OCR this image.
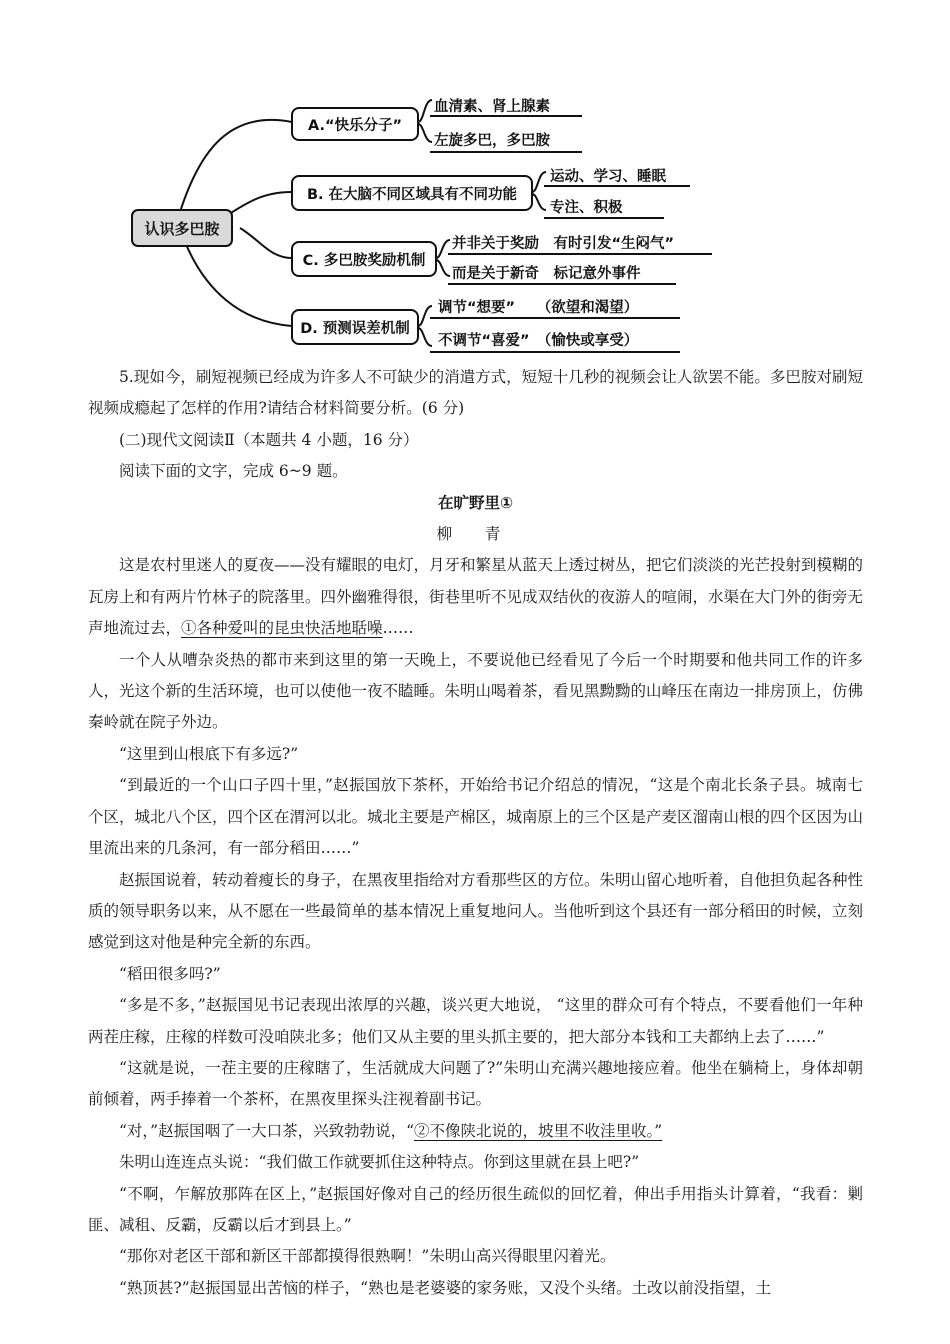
认识多巴胺
A.“快乐分子”
B. 在大脑不同区域具有不同功能
C. 多巴胺奖励机制
D. 预测误差机制
血清素、肾上腺素
左旋多巴，多巴胺
运动、学习、睡眠
专注、积极
并非关于奖励　有时引发“生闷气”
而是关于新奇　标记意外事件
调节“想要”　　（欲望和渴望）
不调节“喜爱”　（愉快或享受）

5.现如今，刷短视频已经成为许多人不可缺少的消遣方式，短短十几秒的视频会让人欲罢不能。多巴胺对刷短视频成瘾起了怎样的作用?请结合材料简要分析。(6 分)

(二)现代文阅读Ⅱ（本题共 4 小题，16 分）

阅读下面的文字，完成 6~9 题。

在旷野里①

柳 青

这是农村里迷人的夏夜——没有耀眼的电灯，月牙和繁星从蓝天上透过树丛，把它们淡淡的光芒投射到模糊的瓦房上和有两片竹林子的院落里。四外幽雅得很，街巷里听不见成双结伙的夜游人的喧闹，水渠在大门外的街旁无声地流过去，①各种爱叫的昆虫快活地聒噪……

一个人从嘈杂炎热的都市来到这里的第一天晚上，不要说他已经看见了今后一个时期要和他共同工作的许多人，光这个新的生活环境，也可以使他一夜不瞌睡。朱明山喝着茶，看见黑黝黝的山峰压在南边一排房顶上，仿佛秦岭就在院子外边。

“这里到山根底下有多远?”

“到最近的一个山口子四十里，”赵振国放下茶杯，开始给书记介绍总的情况，“这是个南北长条子县。城南七个区，城北八个区，四个区在渭河以北。城北主要是产棉区，城南原上的三个区是产麦区溜南山根的四个区因为山里流出来的几条河，有一部分稻田……”

赵振国说着，转动着瘦长的身子，在黑夜里指给对方看那些区的方位。朱明山留心地听着，自他担负起各种性质的领导职务以来，从不愿在一些最简单的基本情况上重复地问人。当他听到这个县还有一部分稻田的时候，立刻感觉到这对他是种完全新的东西。

“稻田很多吗?”

“多是不多，”赵振国见书记表现出浓厚的兴趣，谈兴更大地说， “这里的群众可有个特点，不要看他们一年种两茬庄稼，庄稼的样数可没咱陕北多；他们又从主要的里头抓主要的，把大部分本钱和工夫都纳上去了……”

“这就是说，一茬主要的庄稼瞎了，生活就成大问题了?”朱明山充满兴趣地接应着。他坐在躺椅上，身体却朝前倾着，两手捧着一个茶杯，在黑夜里探头注视着副书记。

“对，”赵振国咽了一大口茶，兴致勃勃说，“②不像陕北说的，坡里不收洼里收。”

朱明山连连点头说：“我们做工作就要抓住这种特点。你到这里就在县上吧?”

“不啊，乍解放那阵在区上，”赵振国好像对自己的经历很生疏似的回忆着，伸出手用指头计算着，“我看：剿匪、减租、反霸，反霸以后才到县上。”

“那你对老区干部和新区干部都摸得很熟啊！”朱明山高兴得眼里闪着光。

“熟顶甚?”赵振国显出苦恼的样子，“熟也是老婆婆的家务账，又没个头绪。土改以前没指望，土
